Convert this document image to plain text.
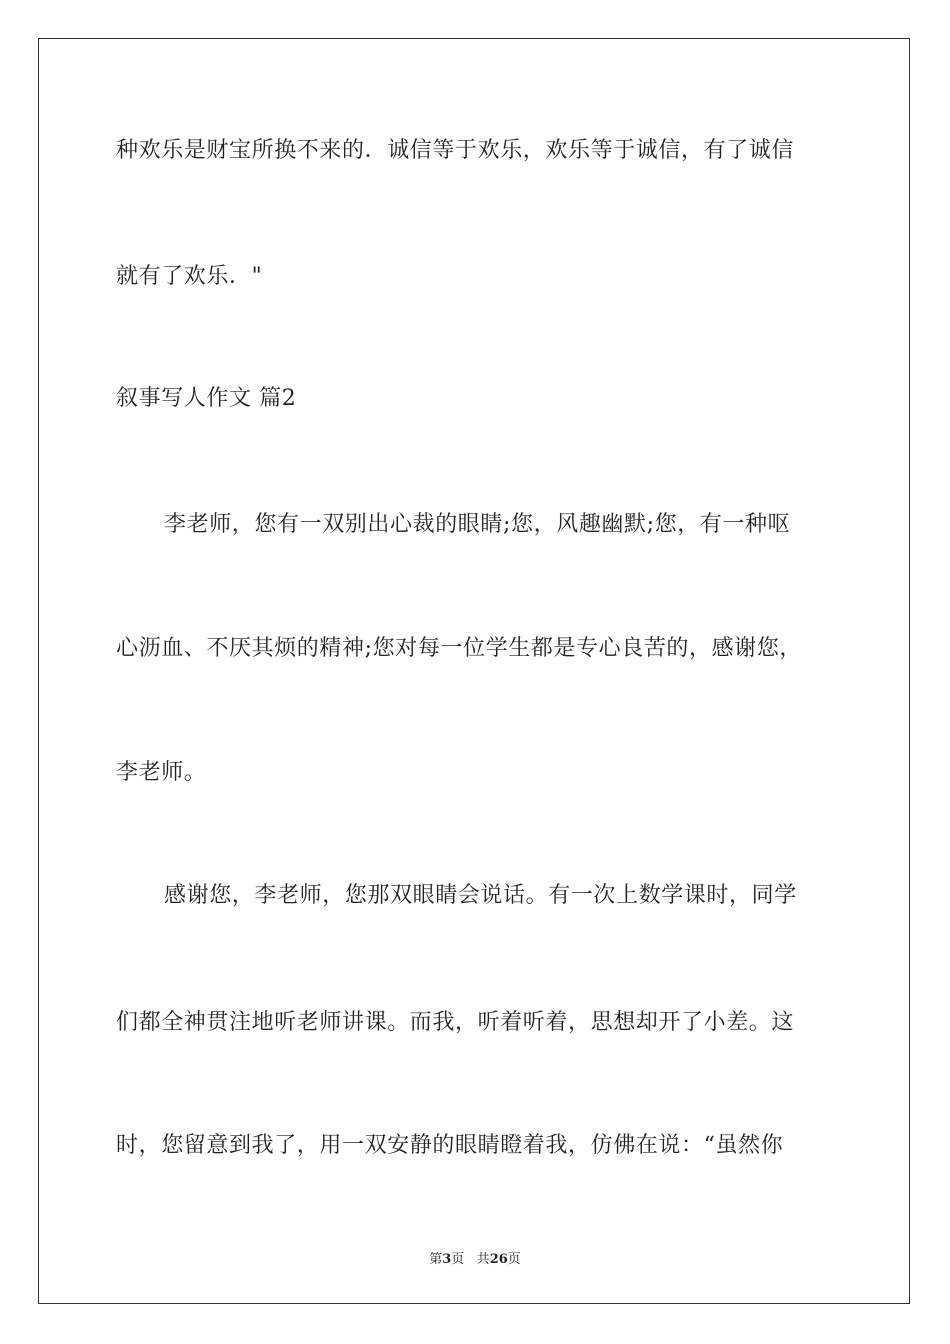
种欢乐是财宝所换不来的．诚信等于欢乐，欢乐等于诚信，有了诚信
就有了欢乐．"
叙事写人作文 篇2
李老师，您有一双别出心裁的眼睛;您，风趣幽默;您，有一种呕
心沥血、不厌其烦的精神;您对每一位学生都是专心良苦的，感谢您，
李老师。
感谢您，李老师，您那双眼睛会说话。有一次上数学课时，同学
们都全神贯注地听老师讲课。而我，听着听着，思想却开了小差。这
时，您留意到我了，用一双安静的眼睛瞪着我，仿佛在说：“虽然你
第3页 共26页
